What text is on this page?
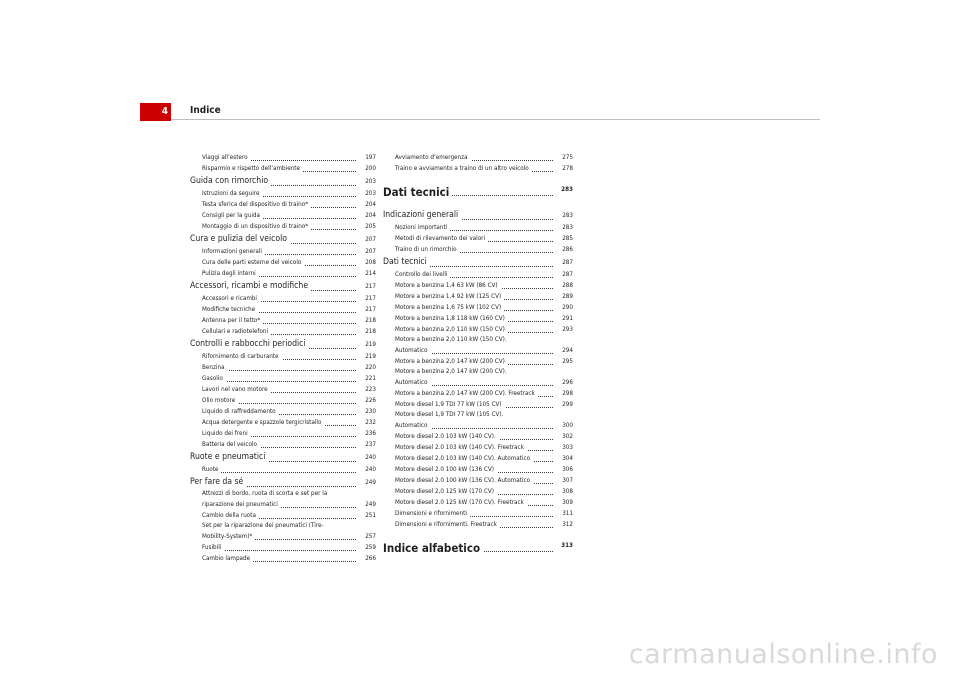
4	Indice
Viaggi all’estero	197
Risparmio e rispetto dell’ambiente	200
Guida con rimorchio	203
Istruzioni da seguire	203
Testa sferica del dispositivo di traino*	204
Consigli per la guida	204
Montaggio di un dispositivo di traino*	205
Cura e pulizia del veicolo	207
Informazioni generali	207
Cura delle parti esterne del veicolo	208
Pulizia degli interni	214
Accessori, ricambi e modifiche	217
Accessori e ricambi	217
Modifiche tecniche	217
Antenna per il tetto*	218
Cellulari e radiotelefoni	218
Controlli e rabbocchi periodici	219
Rifornimento di carburante	219
Benzina	220
Gasolio	221
Lavori nel vano motore	223
Olio motore	226
Liquido di raffreddamento	230
Acqua detergente e spazzole tergicristallo	232
Liquido dei freni	236
Batteria del veicolo	237
Ruote e pneumatici	240
Ruote	240
Per fare da sé	249
Attrezzi di bordo, ruota di scorta e set per la
riparazione dei pneumatici	249
Cambio della ruota	251
Set per la riparazione dei pneumatici (Tire-
Mobility-System)*	257
Fusibili	259
Cambio lampade	266
Avviamento d’emergenza	275
Traino e avviamento a traino di un altro veicolo	278
Dati tecnici	283
Indicazioni generali	283
Nozioni importanti	283
Metodi di rilevamento dei valori	285
Traino di un rimorchio	286
Dati tecnici	287
Controllo dei livelli	287
Motore a benzina 1,4 63 kW (86 CV)	288
Motore a benzina 1,4 92 kW (125 CV)	289
Motore a benzina 1,6 75 kW (102 CV)	290
Motore a benzina 1,8 118 kW (160 CV)	291
Motore a benzina 2,0 110 kW (150 CV)	293
Motore a benzina 2,0 110 kW (150 CV).
Automatico	294
Motore a benzina 2,0 147 kW (200 CV)	295
Motore a benzina 2,0 147 kW (200 CV).
Automatico	296
Motore a benzina 2,0 147 kW (200 CV). Freetrack	298
Motore diesel 1,9 TDI 77 kW (105 CV)	299
Motore diesel 1,9 TDI 77 kW (105 CV).
Automatico	300
Motore diesel 2.0 103 kW (140 CV).	302
Motore diesel 2.0 103 kW (140 CV). Freetrack	303
Motore diesel 2.0 103 kW (140 CV). Automatico	304
Motore diesel 2.0 100 kW (136 CV)	306
Motore diesel 2.0 100 kW (136 CV). Automatico	307
Motore diesel 2,0 125 kW (170 CV)	308
Motore diesel 2.0 125 kW (170 CV). Freetrack	309
Dimensioni e rifornimenti	311
Dimensioni e rifornimenti. Freetrack	312
Indice alfabetico	313
carmanualsonline.info
